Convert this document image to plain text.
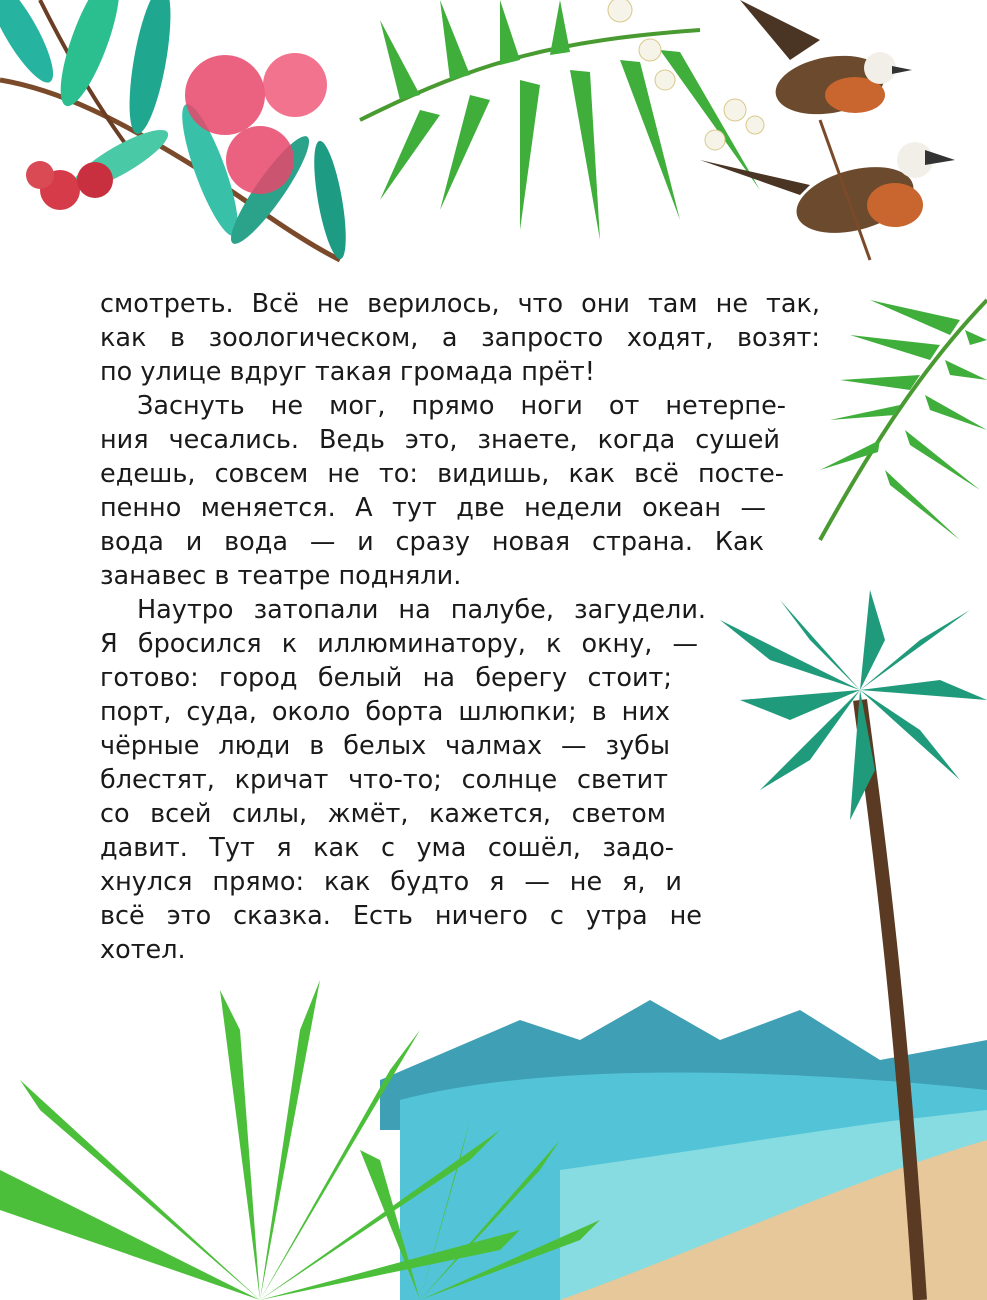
смотреть. Всё не верилось, что они там не так,
как в зоологическом, а запросто ходят, возят:
по улице вдруг такая громада прёт!
Заснуть не мог, прямо ноги от нетерпе-
ния чесались. Ведь это, знаете, когда сушей
едешь, совсем не то: видишь, как всё посте-
пенно меняется. А тут две недели океан —
вода и вода — и сразу новая страна. Как
занавес в театре подняли.
Наутро затопали на палубе, загудели.
Я бросился к иллюминатору, к окну, —
готово: город белый на берегу стоит;
порт, суда, около борта шлюпки; в них
чёрные люди в белых чалмах — зубы
блестят, кричат что-то; солнце светит
со всей силы, жмёт, кажется, светом
давит. Тут я как с ума сошёл, задо-
хнулся прямо: как будто я — не я, и
всё это сказка. Есть ничего с утра не
хотел.
